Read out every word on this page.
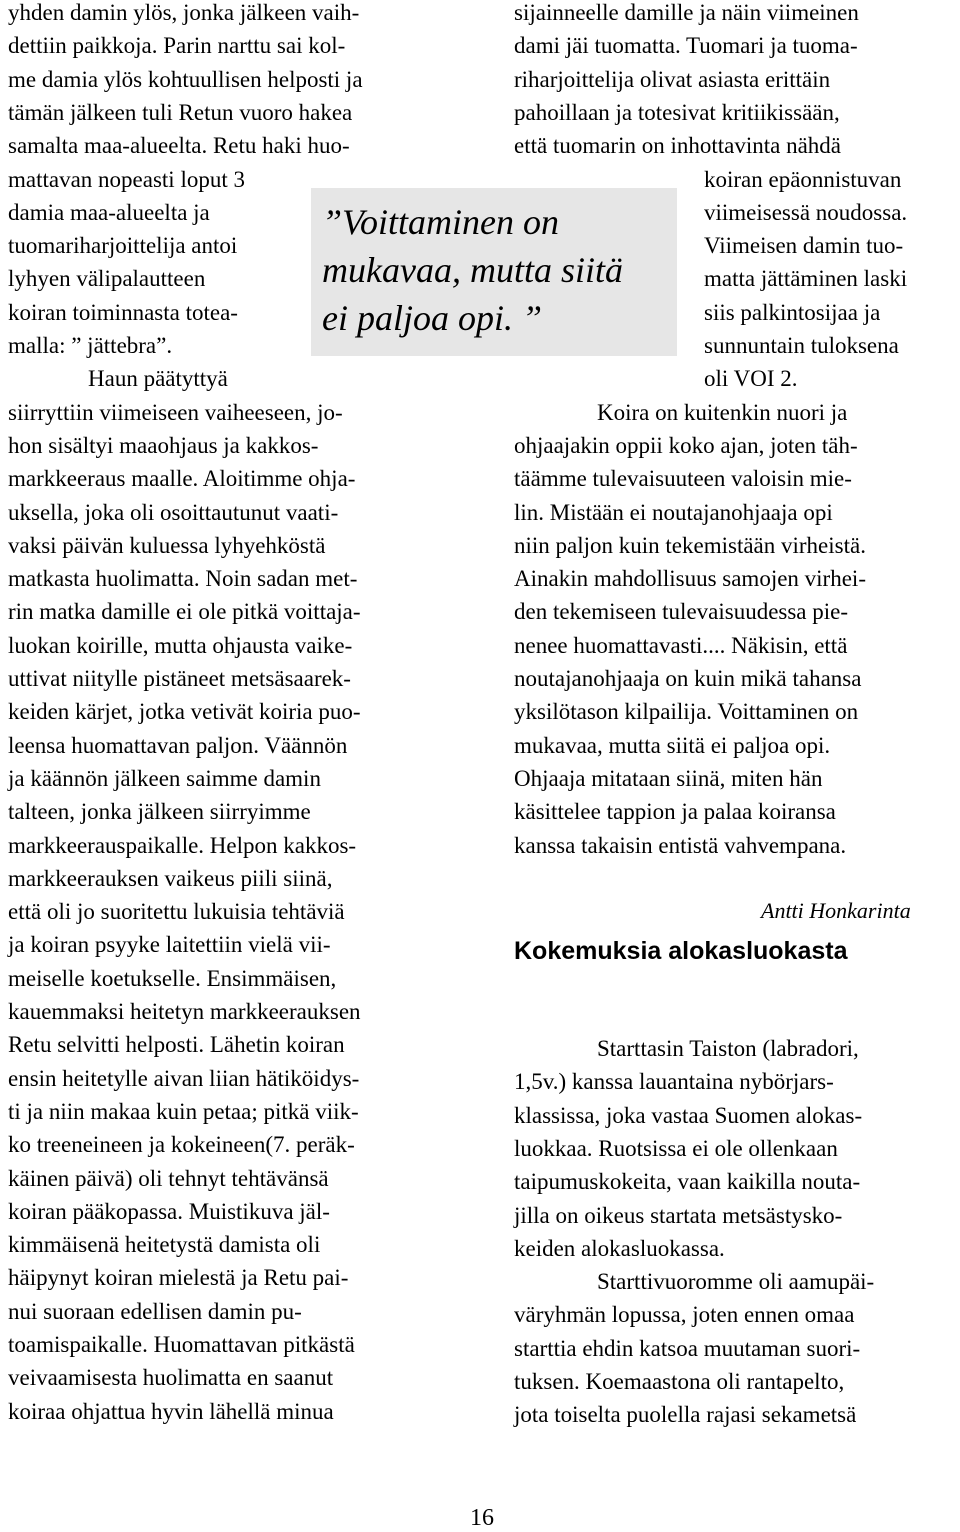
yhden damin ylös, jonka jälkeen vaih-
dettiin paikkoja. Parin narttu sai kol-
me damia ylös kohtuullisen helposti ja
tämän jälkeen tuli Retun vuoro hakea
samalta maa-alueelta. Retu haki huo-
mattavan nopeasti loput 3
damia maa-alueelta ja
tuomariharjoittelija antoi
lyhyen välipalautteen
koiran toiminnasta totea-
malla: ” jättebra”.
Haun päätyttyä
siirryttiin viimeiseen vaiheeseen, jo-
hon sisältyi maaohjaus ja kakkos-
markkeeraus maalle. Aloitimme ohja-
uksella, joka oli osoittautunut vaati-
vaksi päivän kuluessa lyhyehköstä
matkasta huolimatta. Noin sadan met-
rin matka damille ei ole pitkä voittaja-
luokan koirille, mutta ohjausta vaike-
uttivat niitylle pistäneet metsäsaarek-
keiden kärjet, jotka vetivät koiria puo-
leensa huomattavan paljon. Väännön
ja käännön jälkeen saimme damin
talteen, jonka jälkeen siirryimme
markkeerauspaikalle. Helpon kakkos-
markkeerauksen vaikeus piili siinä,
että oli jo suoritettu lukuisia tehtäviä
ja koiran psyyke laitettiin vielä vii-
meiselle koetukselle. Ensimmäisen,
kauemmaksi heitetyn markkeerauksen
Retu selvitti helposti. Lähetin koiran
ensin heitetylle aivan liian hätiköidys-
ti ja niin makaa kuin petaa; pitkä viik-
ko treeneineen ja kokeineen(7. peräk-
käinen päivä) oli tehnyt tehtävänsä
koiran pääkopassa. Muistikuva jäl-
kimmäisenä heitetystä damista oli
häipynyt koiran mielestä ja Retu pai-
nui suoraan edellisen damin pu-
toamispaikalle. Huomattavan pitkästä
veivaamisesta huolimatta en saanut
koiraa ohjattua hyvin lähellä minua
”Voittaminen on
mukavaa, mutta siitä
ei paljoa opi. ”
sijainneelle damille ja näin viimeinen
dami jäi tuomatta. Tuomari ja tuoma-
riharjoittelija olivat asiasta erittäin
pahoillaan ja totesivat kritiikissään,
että tuomarin on inhottavinta nähdä
koiran epäonnistuvan
viimeisessä noudossa.
Viimeisen damin tuo-
matta jättäminen laski
siis palkintosijaa ja
sunnuntain tuloksena
oli VOI 2.
Koira on kuitenkin nuori ja
ohjaajakin oppii koko ajan, joten täh-
täämme tulevaisuuteen valoisin mie-
lin. Mistään ei noutajanohjaaja opi
niin paljon kuin tekemistään virheistä.
Ainakin mahdollisuus samojen virhei-
den tekemiseen tulevaisuudessa pie-
nenee huomattavasti.... Näkisin, että
noutajanohjaaja on kuin mikä tahansa
yksilötason kilpailija. Voittaminen on
mukavaa, mutta siitä ei paljoa opi.
Ohjaaja mitataan siinä, miten hän
käsittelee tappion ja palaa koiransa
kanssa takaisin entistä vahvempana.
Antti Honkarinta
Kokemuksia alokasluokasta
Starttasin Taiston (labradori,
1,5v.) kanssa lauantaina nybörjars-
klassissa, joka vastaa Suomen alokas-
luokkaa. Ruotsissa ei ole ollenkaan
taipumuskokeita, vaan kaikilla nouta-
jilla on oikeus startata metsästysko-
keiden alokasluokassa.
Starttivuoromme oli aamupäi-
väryhmän lopussa, joten ennen omaa
starttia ehdin katsoa muutaman suori-
tuksen. Koemaastona oli rantapelto,
jota toiselta puolella rajasi sekametsä
16
